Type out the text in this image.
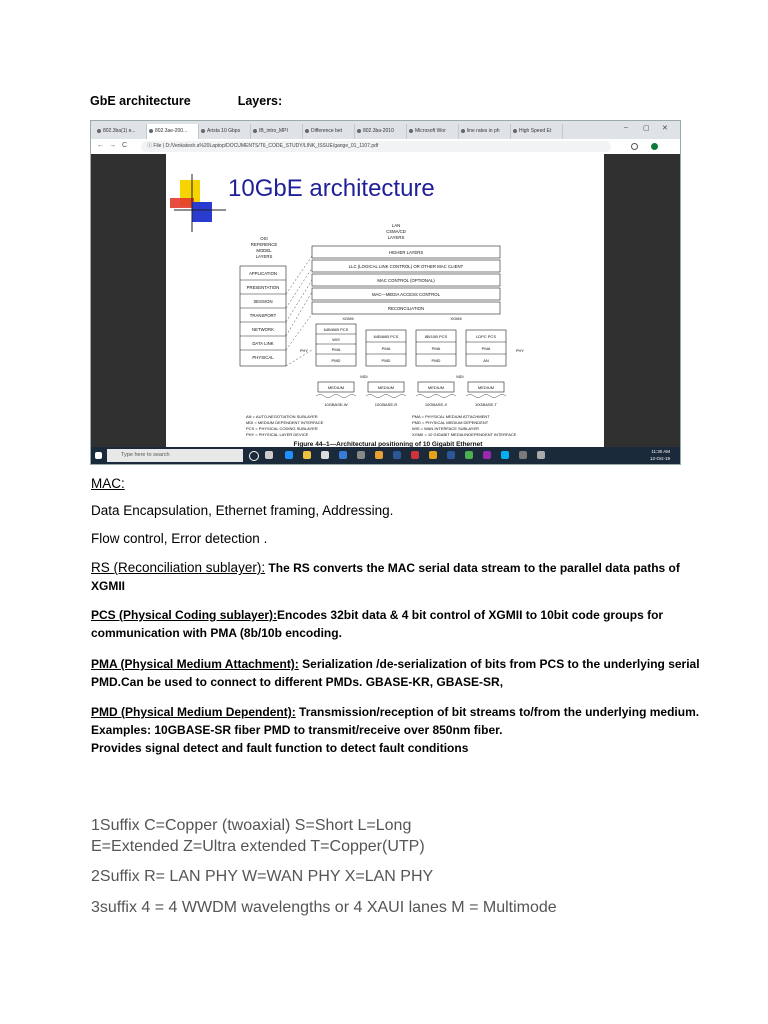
GbE architecture	Layers:
802.3ba(1) e...	802.3ae-200...	Arista 10 Gbps	IB_intro_MPI	Difference bet	802.3ba-2010	Microsoft Wor	line rates in ph	High Speed Et	– ▢ ✕
← → C	ⓘ File | D:/Venkatesh.a%20Laptop/DOCUMENTS/T6_CODE_STUDY/LINK_ISSUE/gange_01_1107.pdf
10GbE architecture
LAN
CSMA/CD
LAYERS
OSI
REFERENCE
MODEL
LAYERS
APPLICATION
PRESENTATION
SESSION
TRANSPORT
NETWORK
DATA LINK
PHYSICAL
HIGHER LAYERS
LLC (LOGICAL LINK CONTROL) OR OTHER MAC CLIENT
MAC CONTROL (OPTIONAL)
MAC—MEDIA ACCESS CONTROL
RECONCILIATION
XGMII	XGMII
PHY	PHY
MDI	MDI
64B/66B PCS
WIS
PMA
PMD
MEDIUM
10GBASE-W
64B/66B PCS
PMA
PMD
MEDIUM
10GBASE-R
8B/10B PCS
PMA
PMD
MEDIUM
10GBASE-X
LDPC PCS
PMA
AN
MEDIUM
10GBASE-T
AN = AUTO-NEGOTIATION SUBLAYER
MDI = MEDIUM DEPENDENT INTERFACE
PCS = PHYSICAL CODING SUBLAYER
PHY = PHYSICAL LAYER DEVICE
PMA = PHYSICAL MEDIUM ATTACHMENT
PMD = PHYSICAL MEDIUM DEPENDENT
WIS = WAN INTERFACE SUBLAYER
XGMII = 10 GIGABIT MEDIA INDEPENDENT INTERFACE
Figure 44–1—Architectural positioning of 10 Gigabit Ethernet
Type here to search
11:30 AM
12-Oct-19
MAC:
Data Encapsulation, Ethernet framing, Addressing.
Flow control, Error detection .
RS (Reconciliation sublayer): The RS converts the MAC serial data stream to the parallel data paths of XGMII
PCS (Physical Coding sublayer):Encodes 32bit data & 4 bit control of XGMII to 10bit code groups for communication with PMA (8b/10b encoding.
PMA (Physical Medium Attachment): Serialization /de-serialization of bits from PCS to the underlying serial PMD.Can be used to connect to different PMDs. GBASE-KR, GBASE-SR,
PMD (Physical Medium Dependent): Transmission/reception of bit streams to/from the underlying medium.
Examples: 10GBASE-SR fiber PMD to transmit/receive over 850nm fiber.
Provides signal detect and fault function to detect fault conditions
1Suffix C=Copper (twoaxial) S=Short L=Long
E=Extended Z=Ultra extended T=Copper(UTP)
2Suffix R= LAN PHY W=WAN PHY X=LAN PHY
3suffix 4 = 4 WWDM wavelengths or 4 XAUI lanes M = Multimode
